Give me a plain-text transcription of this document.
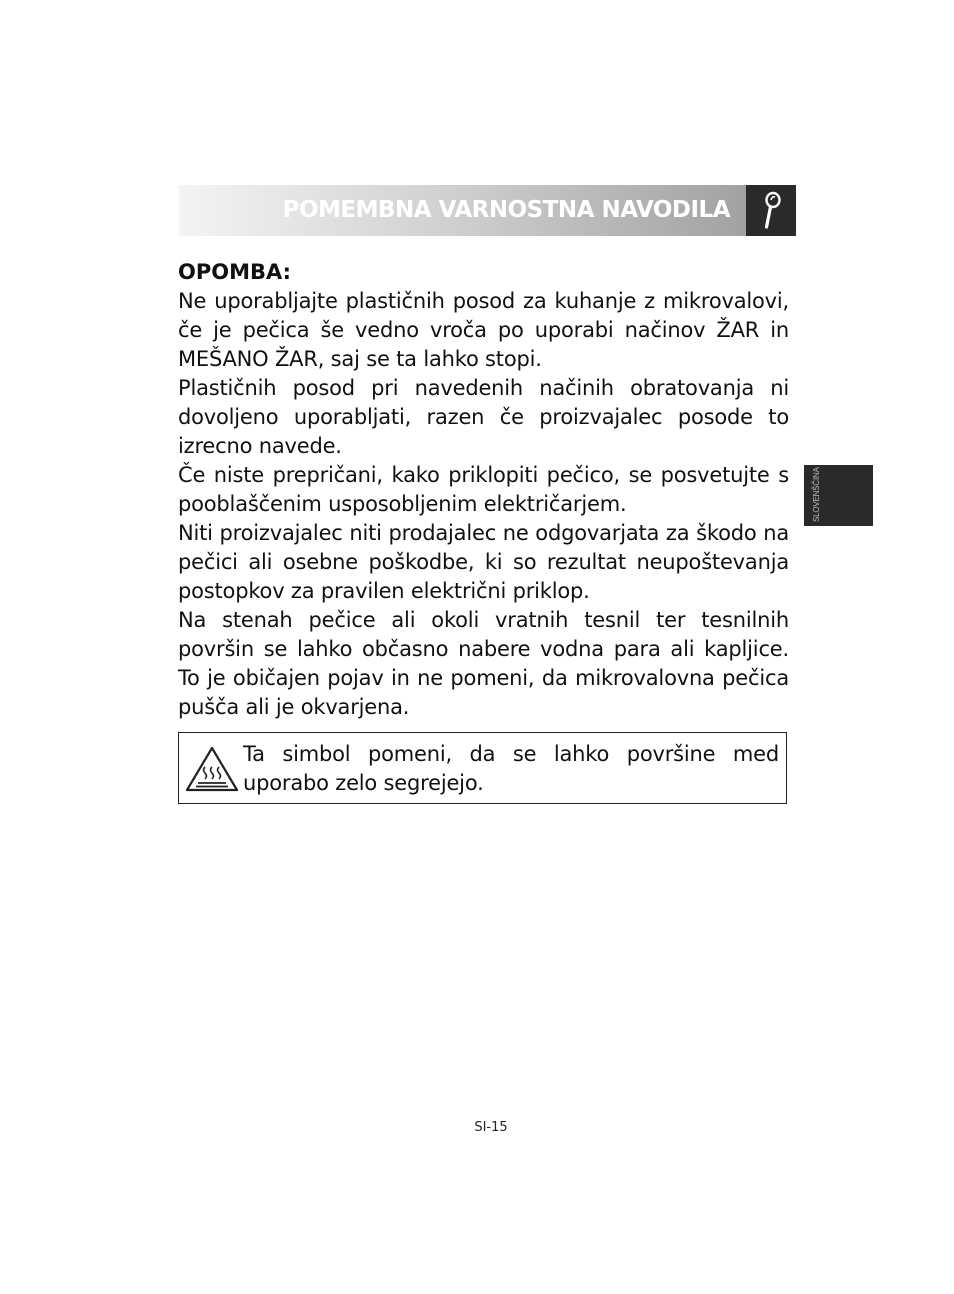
POMEMBNA VARNOSTNA NAVODILA

OPOMBA:

Ne uporabljajte plastičnih posod za kuhanje z mikrovalovi, če je pečica še vedno vroča po uporabi načinov ŽAR in MEŠANO ŽAR, saj se ta lahko stopi.

Plastičnih posod pri navedenih načinih obratovanja ni dovoljeno uporabljati, razen če proizvajalec posode to izrecno navede.

Če niste prepričani, kako priklopiti pečico, se posvetujte s pooblaščenim usposobljenim električarjem.

Niti proizvajalec niti prodajalec ne odgovarjata za škodo na pečici ali osebne poškodbe, ki so rezultat neupoštevanja postopkov za pravilen električni priklop.

Na stenah pečice ali okoli vratnih tesnil ter tesnilnih površin se lahko občasno nabere vodna para ali kapljice. To je običajen pojav in ne pomeni, da mikrovalovna pečica pušča ali je okvarjena.

Ta simbol pomeni, da se lahko površine med uporabo zelo segrejejo.
SLOVENŠČINA
SI-15
